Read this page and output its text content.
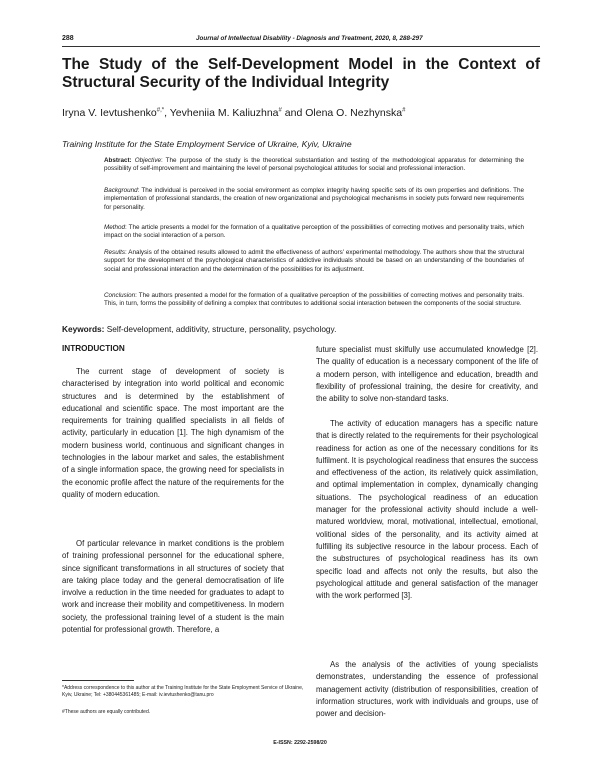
288	Journal of Intellectual Disability - Diagnosis and Treatment, 2020, 8, 288-297
The Study of the Self-Development Model in the Context of Structural Security of the Individual Integrity
Iryna V. Ievtushenko#,*, Yevheniia M. Kaliuzhna# and Olena O. Nezhynska#
Training Institute for the State Employment Service of Ukraine, Kyiv, Ukraine

Abstract: Objective: The purpose of the study is the theoretical substantiation and testing of the methodological apparatus for determining the possibility of self-improvement and maintaining the level of personal psychological attitudes for social and professional interaction.

Background: The individual is perceived in the social environment as complex integrity having specific sets of its own properties and definitions. The implementation of professional standards, the creation of new organizational and psychological mechanisms in society puts forward new requirements for personality.

Method: The article presents a model for the formation of a qualitative perception of the possibilities of correcting motives and personality traits, which impact on the social interaction of a person.

Results: Analysis of the obtained results allowed to admit the effectiveness of authors' experimental methodology. The authors show that the structural support for the development of the psychological characteristics of addictive individuals should be based on an understanding of the boundaries of social and professional interaction and the determination of the possibilities for its adjustment.

Conclusion: The authors presented a model for the formation of a qualitative perception of the possibilities of correcting motives and personality traits. This, in turn, forms the possibility of defining a complex that contributes to additional social interaction between the components of the social structure.

Keywords: Self-development, additivity, structure, personality, psychology.
INTRODUCTION

The current stage of development of society is characterised by integration into world political and economic structures and is determined by the establishment of educational and scientific space. The most important are the requirements for training qualified specialists in all fields of activity, particularly in education [1]. The high dynamism of the modern business world, continuous and significant changes in technologies in the labour market and sales, the establishment of a single information space, the growing need for specialists in the economic profile affect the nature of the requirements for the quality of modern education.

Of particular relevance in market conditions is the problem of training professional personnel for the educational sphere, since significant transformations in all structures of society that are taking place today and the general democratisation of life involve a reduction in the time needed for graduates to adapt to work and increase their mobility and competitiveness. In modern society, the professional training level of a student is the main potential for professional growth. Therefore, a

future specialist must skilfully use accumulated knowledge [2]. The quality of education is a necessary component of the life of a modern person, with intelligence and education, breadth and flexibility of professional training, the desire for creativity, and the ability to solve non-standard tasks.

The activity of education managers has a specific nature that is directly related to the requirements for their psychological readiness for action as one of the necessary conditions for its fulfilment. It is psychological readiness that ensures the success and effectiveness of the action, its relatively quick assimilation, and optimal implementation in complex, dynamically changing situations. The psychological readiness of an education manager for the professional activity should include a well-matured worldview, moral, motivational, intellectual, emotional, volitional sides of the personality, and its activity aimed at fulfilling its subjective resource in the labour process. Each of the substructures of psychological readiness has its own specific load and affects not only the results, but also the psychological attitude and general satisfaction of the manager with the work performed [3].

As the analysis of the activities of young specialists demonstrates, understanding the essence of professional management activity (distribution of responsibilities, creation of information structures, work with individuals and groups, use of power and decision-

*Address correspondence to this author at the Training Institute for the State Employment Service of Ukraine, Kyiv, Ukraine; Tel: +380445361485; E-mail: iv.ievtushenko@tanu.pro

#These authors are equally contributed.

E-ISSN: 2292-2598/20
